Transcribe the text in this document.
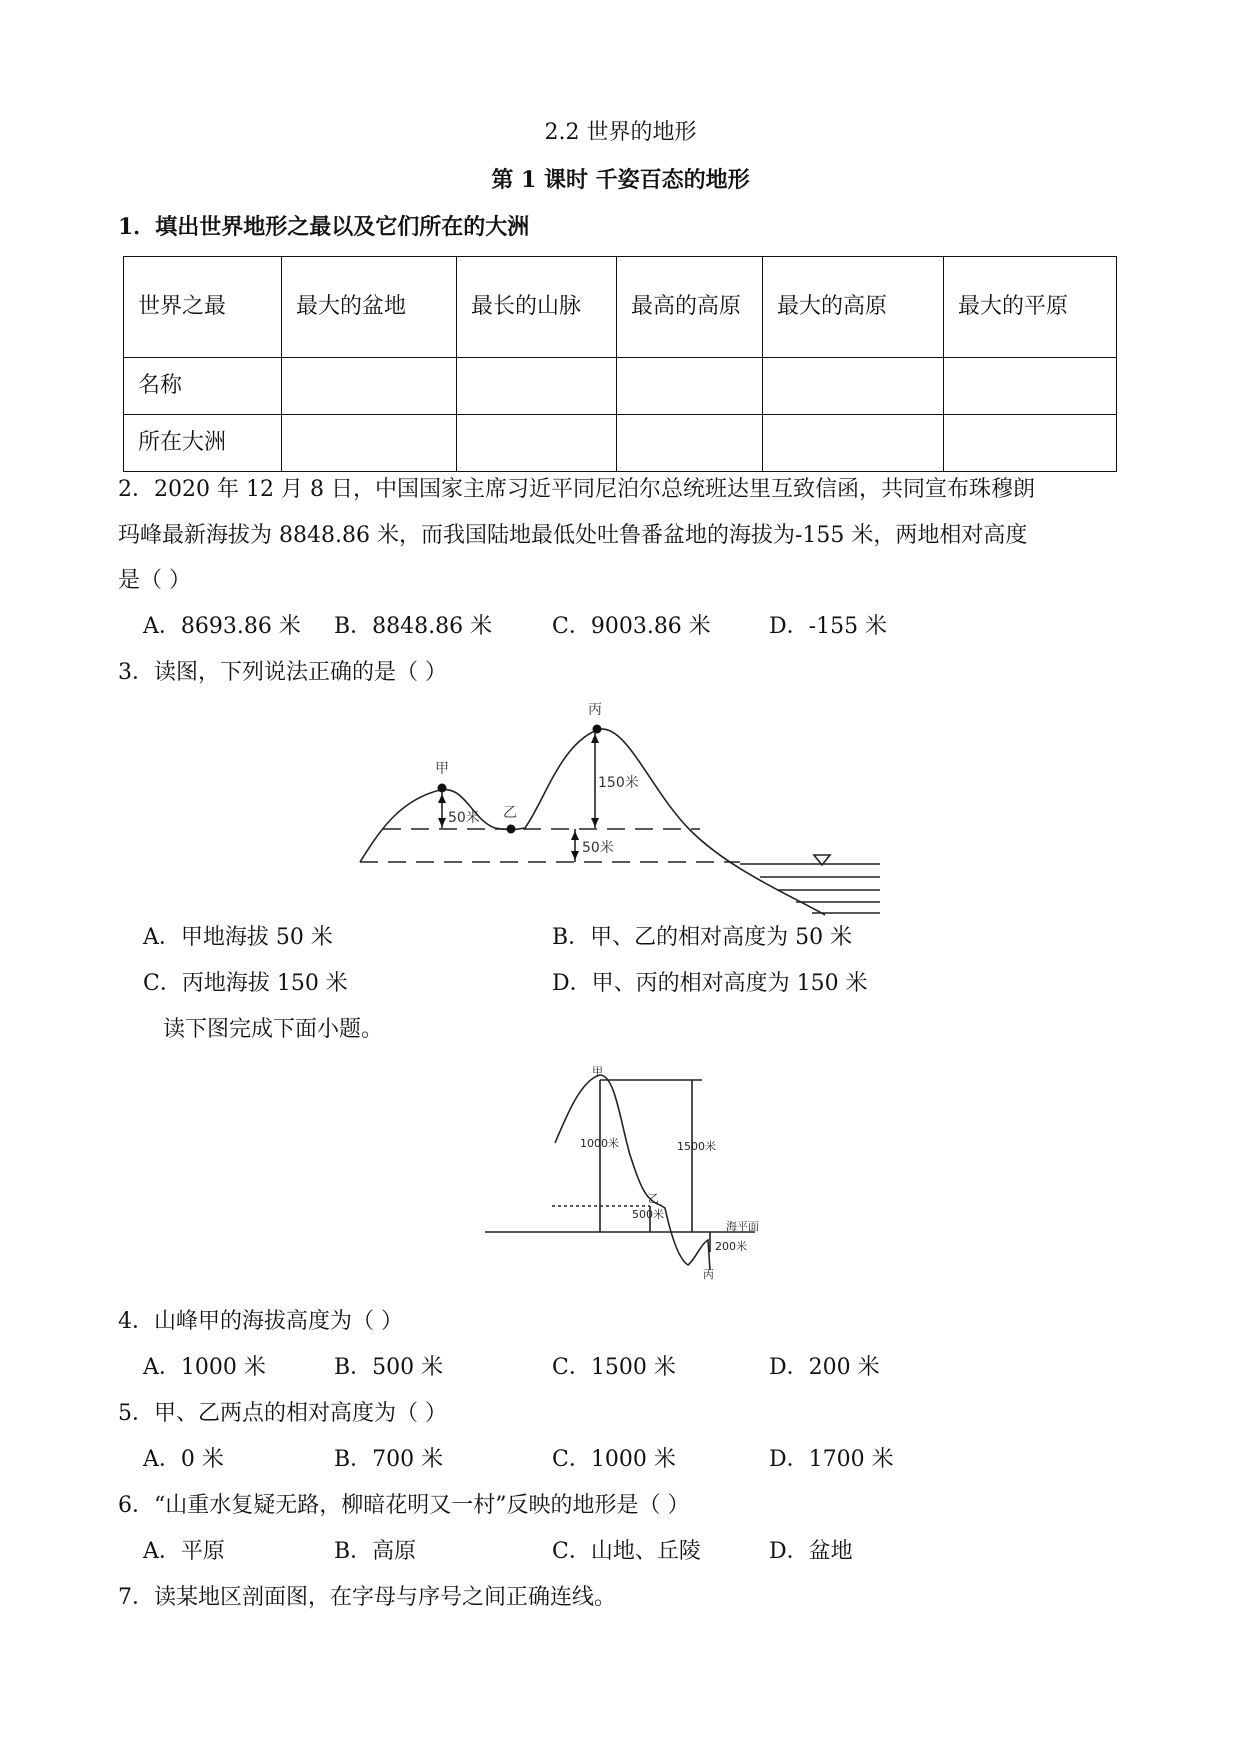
2.2 世界的地形
第 1 课时 千姿百态的地形
1．填出世界地形之最以及它们所在的大洲
世界之最	最大的盆地	最长的山脉	最高的高原	最大的高原	最大的平原
名称					
所在大洲					
2．2020 年 12 月 8 日，中国国家主席习近平同尼泊尔总统班达里互致信函，共同宣布珠穆朗
玛峰最新海拔为 8848.86 米，而我国陆地最低处吐鲁番盆地的海拔为-155 米，两地相对高度
是（ ）
A．8693.86 米 B．8848.86 米	C．9003.86 米	D．-155 米
3．读图，下列说法正确的是（ ）
甲
乙
丙
50米
150米
50米
甲
乙
丙
1000米	1500米
500米
200米
海平面
A．甲地海拔 50 米	B．甲、乙的相对高度为 50 米
C．丙地海拔 150 米	D．甲、丙的相对高度为 150 米
读下图完成下面小题。
4．山峰甲的海拔高度为（ ）
A．1000 米	B．500 米	C．1500 米	D．200 米
5．甲、乙两点的相对高度为（ ）
A．0 米	B．700 米	C．1000 米	D．1700 米
6．“山重水复疑无路，柳暗花明又一村”反映的地形是（ ）
A．平原	B．高原	C．山地、丘陵	D．盆地
7．读某地区剖面图，在字母与序号之间正确连线。
